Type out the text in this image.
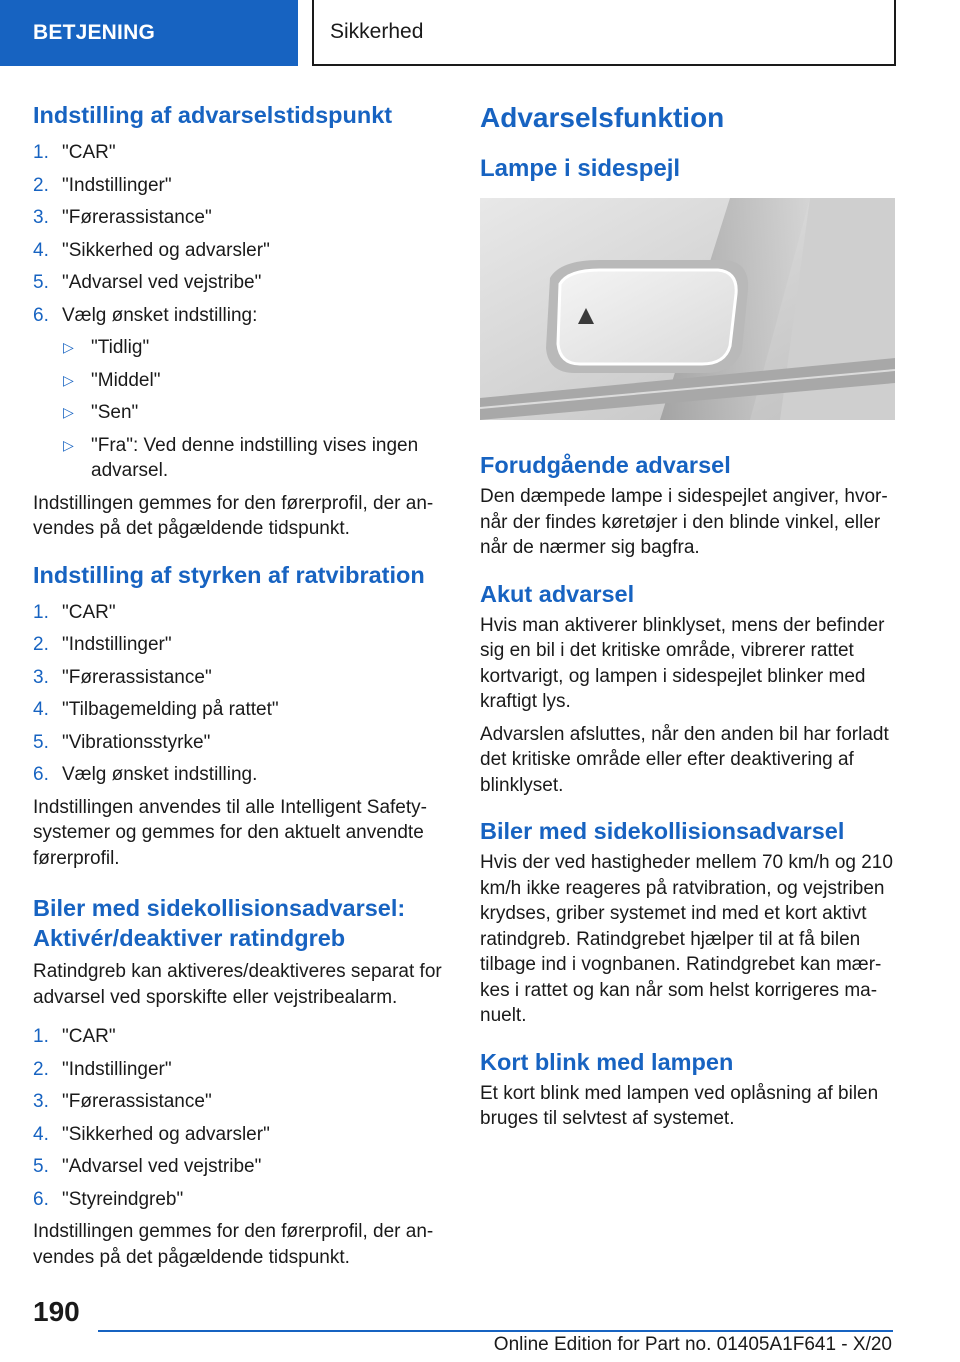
BETJENING	Sikkerhed
Indstilling af advarselstidspunkt
1. "CAR"
2. "Indstillinger"
3. "Førerassistance"
4. "Sikkerhed og advarsler"
5. "Advarsel ved vejstribe"
6. Vælg ønsket indstilling:
▷ "Tidlig"
▷ "Middel"
▷ "Sen"
▷ "Fra": Ved denne indstilling vises ingen advarsel.

Indstillingen gemmes for den førerprofil, der anvendes på det pågældende tidspunkt.

Indstilling af styrken af ratvibration
1. "CAR"
2. "Indstillinger"
3. "Førerassistance"
4. "Tilbagemelding på rattet"
5. "Vibrationsstyrke"
6. Vælg ønsket indstilling.

Indstillingen anvendes til alle Intelligent Safety-systemer og gemmes for den aktuelt anvendte førerprofil.

Biler med sidekollisionsadvarsel: Aktivér/deaktiver ratindgreb

Ratindgreb kan aktiveres/deaktiveres separat for advarsel ved sporskifte eller vejstribealarm.

1. "CAR"
2. "Indstillinger"
3. "Førerassistance"
4. "Sikkerhed og advarsler"
5. "Advarsel ved vejstribe"
6. "Styreindgreb"

Indstillingen gemmes for den førerprofil, der anvendes på det pågældende tidspunkt.

Advarselsfunktion
Lampe i sidespejl
Forudgående advarsel

Den dæmpede lampe i sidespejlet angiver, hvornår der findes køretøjer i den blinde vinkel, eller når de nærmer sig bagfra.

Akut advarsel

Hvis man aktiverer blinklyset, mens der befinder sig en bil i det kritiske område, vibrerer rattet kortvarigt, og lampen i sidespejlet blinker med kraftigt lys.

Advarslen afsluttes, når den anden bil har forladt det kritiske område eller efter deaktivering af blinklyset.

Biler med sidekollisionsadvarsel

Hvis der ved hastigheder mellem 70 km/h og 210 km/h ikke reageres på ratvibration, og vejstriben krydses, griber systemet ind med et kort aktivt ratindgreb. Ratindgrebet hjælper til at få bilen tilbage ind i vognbanen. Ratindgrebet kan mærkes i rattet og kan når som helst korrigeres manuelt.

Kort blink med lampen

Et kort blink med lampen ved oplåsning af bilen bruges til selvtest af systemet.

190
Online Edition for Part no. 01405A1F641 - X/20
